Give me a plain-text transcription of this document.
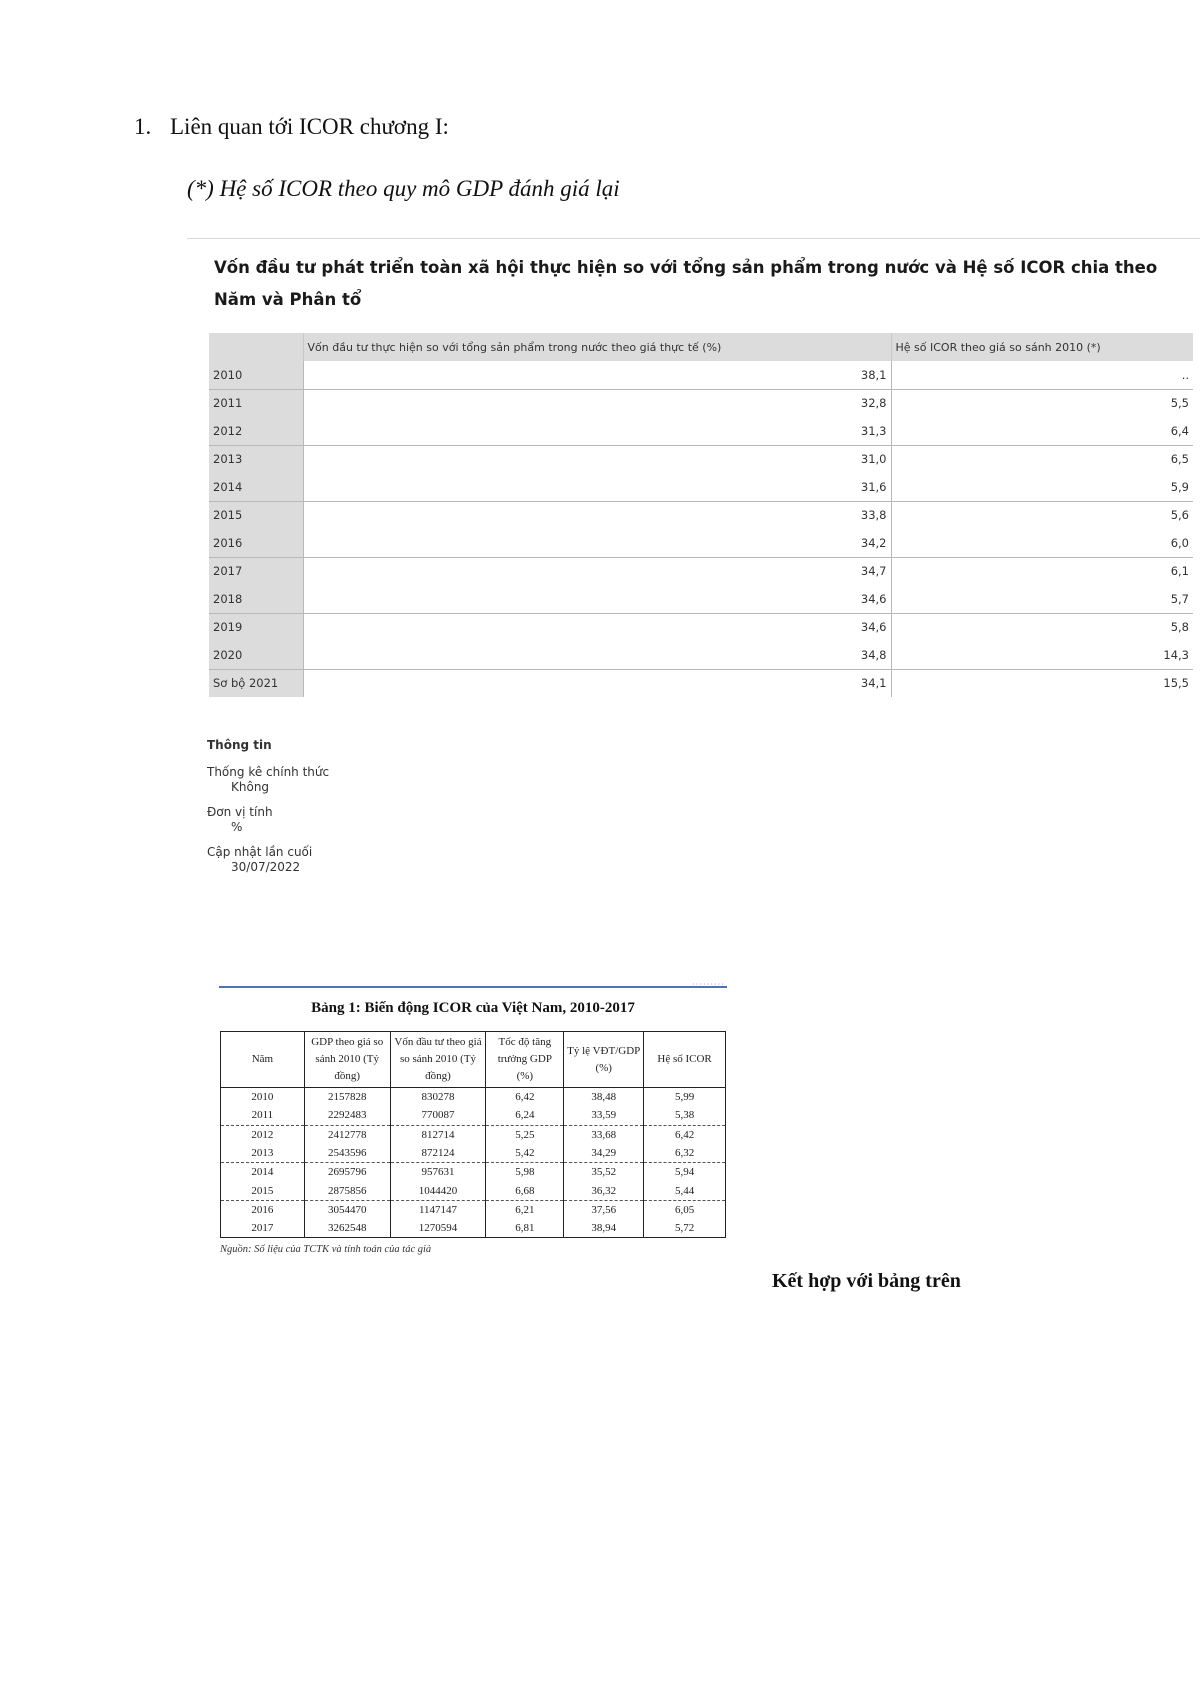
1. Liên quan tới ICOR chương I:
(*) Hệ số ICOR theo quy mô GDP đánh giá lại
Vốn đầu tư phát triển toàn xã hội thực hiện so với tổng sản phẩm trong nước và Hệ số ICOR chia theo Năm và Phân tổ
	Vốn đầu tư thực hiện so với tổng sản phẩm trong nước theo giá thực tế (%)	Hệ số ICOR theo giá so sánh 2010 (*)
2010	38,1	..
2011	32,8	5,5
2012	31,3	6,4
2013	31,0	6,5
2014	31,6	5,9
2015	33,8	5,6
2016	34,2	6,0
2017	34,7	6,1
2018	34,6	5,7
2019	34,6	5,8
2020	34,8	14,3
Sơ bộ 2021	34,1	15,5
Thông tin
Thống kê chính thức
Không
Đơn vị tính
%
Cập nhật lần cuối
30/07/2022
·········
Bảng 1: Biến động ICOR của Việt Nam, 2010-2017
Năm	GDP theo giá so sánh 2010 (Tỷ đồng)	Vốn đầu tư theo giá so sánh 2010 (Tỷ đồng)	Tốc độ tăng trưởng GDP (%)	Tỷ lệ VĐT/GDP (%)	Hệ số ICOR
2010	2157828	830278	6,42	38,48	5,99
2011	2292483	770087	6,24	33,59	5,38
2012	2412778	812714	5,25	33,68	6,42
2013	2543596	872124	5,42	34,29	6,32
2014	2695796	957631	5,98	35,52	5,94
2015	2875856	1044420	6,68	36,32	5,44
2016	3054470	1147147	6,21	37,56	6,05
2017	3262548	1270594	6,81	38,94	5,72
Nguồn: Số liệu của TCTK và tính toán của tác giả
Kết hợp với bảng trên
